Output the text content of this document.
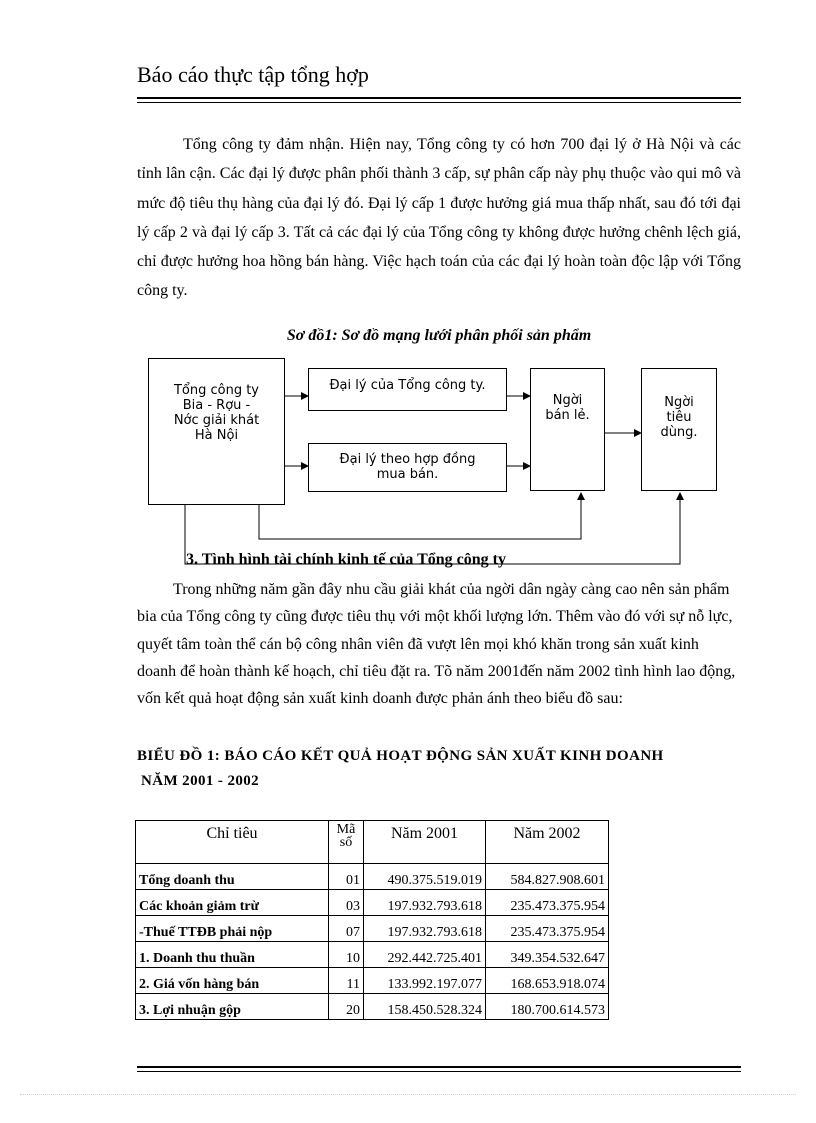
Báo cáo thực tập tổng hợp
Tổng công ty đảm nhận. Hiện nay, Tổng công ty có hơn 700 đại lý ở Hà Nội và các tỉnh lân cận. Các đại lý được phân phối thành 3 cấp, sự phân cấp này phụ thuộc vào qui mô và mức độ tiêu thụ hàng của đại lý đó. Đại lý cấp 1 được hưởng giá mua thấp nhất, sau đó tới đại lý cấp 2 và đại lý cấp 3. Tất cả các đại lý của Tổng công ty không được hưởng chênh lệch giá, chỉ được hưởng hoa hồng bán hàng. Việc hạch toán của các đại lý hoàn toàn độc lập với Tổng công ty.
Sơ đồ1: Sơ đồ mạng lưới phân phối sản phẩm
Tổng công ty
Bia - Rợu -
Nớc giải khát
Hà Nội
Đại lý của Tổng công ty.
Đại lý theo hợp đồng
mua bán.
Ngời
bán lẻ.
Ngời
tiêu
dùng.
3. Tình hình tài chính kinh tế của Tổng công ty
Trong những năm gần đây nhu cầu giải khát của ngời dân ngày càng cao nên sản phẩm bia của Tổng công ty cũng được tiêu thụ với một khối lượng lớn. Thêm vào đó với sự nỗ lực, quyết tâm toàn thể cán bộ công nhân viên đã vượt lên mọi khó khăn trong sản xuất kinh doanh để hoàn thành kế hoạch, chỉ tiêu đặt ra. Tõ năm 2001đến năm 2002 tình hình lao động, vốn kết quả hoạt động sản xuất kinh doanh được phản ánh theo biểu đồ sau:
BIỂU ĐỒ 1: BÁO CÁO KẾT QUẢ HOẠT ĐỘNG SẢN XUẤT KINH DOANH
NĂM 2001 - 2002
Chỉ tiêu	Mã số	Năm 2001	Năm 2002
Tổng doanh thu	01	490.375.519.019	584.827.908.601
Các khoản giảm trừ	03	197.932.793.618	235.473.375.954
-Thuế TTĐB phải nộp	07	197.932.793.618	235.473.375.954
1. Doanh thu thuần	10	292.442.725.401	349.354.532.647
2. Giá vốn hàng bán	11	133.992.197.077	168.653.918.074
3. Lợi nhuận gộp	20	158.450.528.324	180.700.614.573
